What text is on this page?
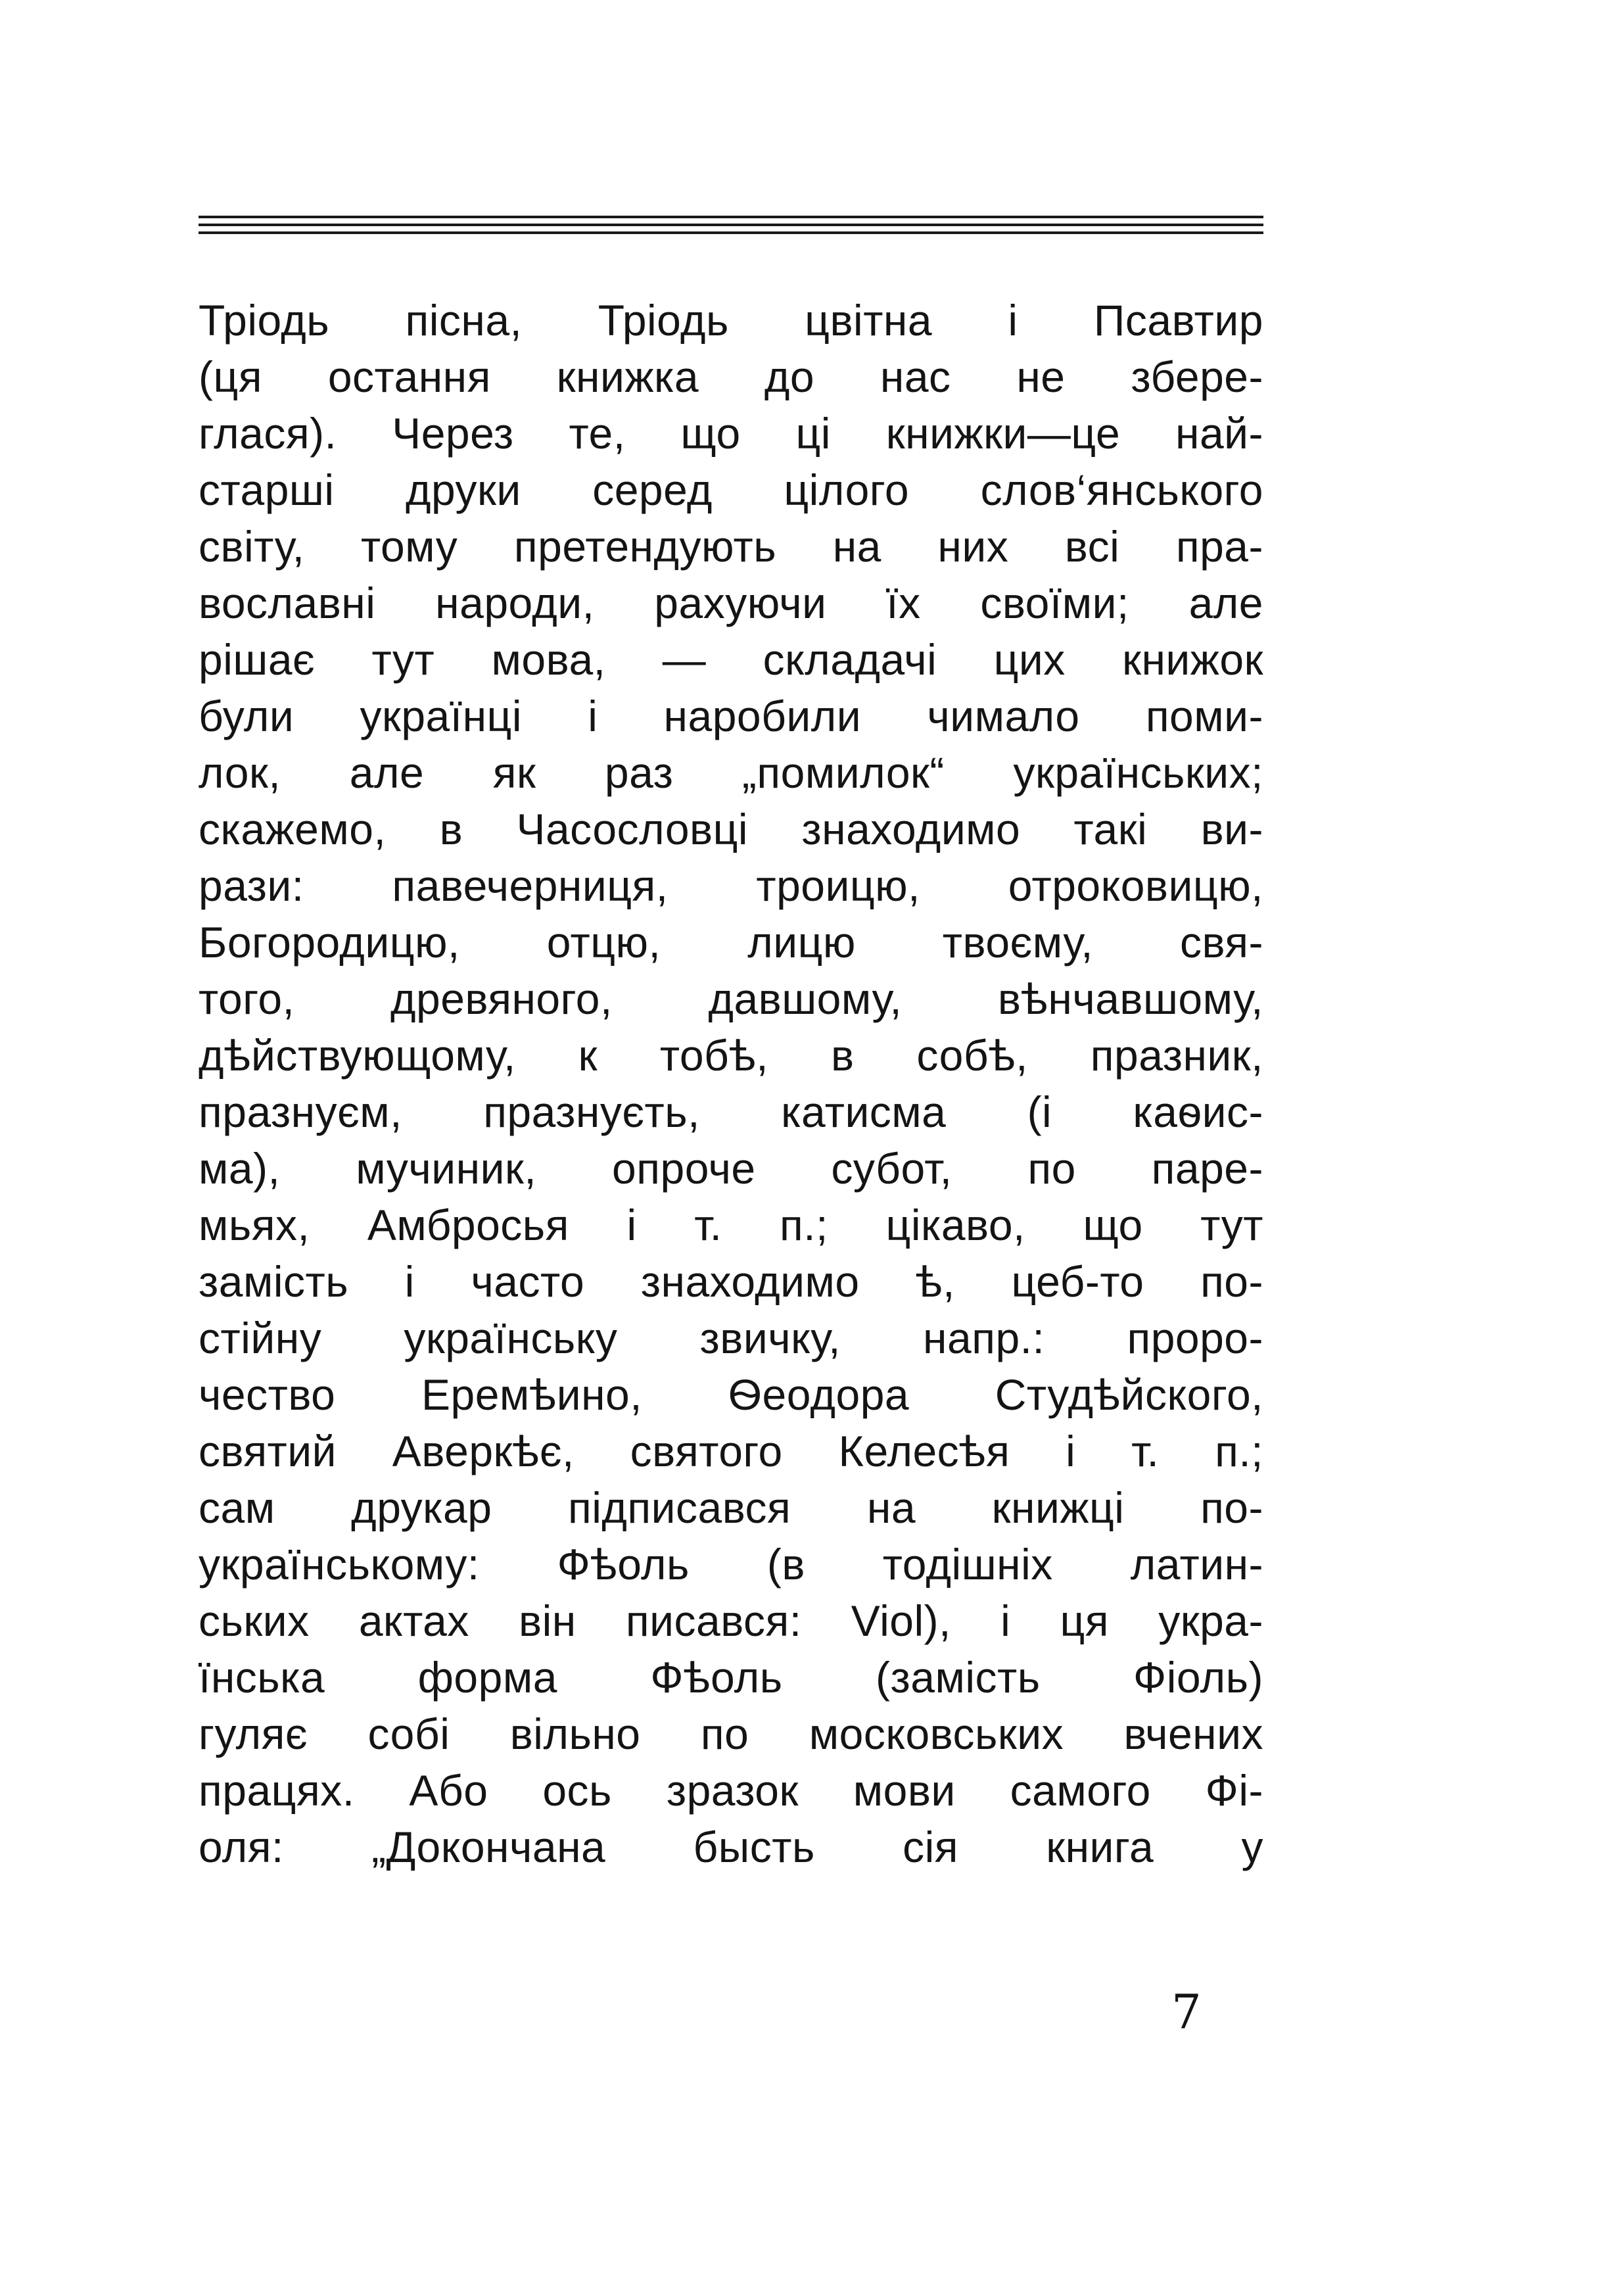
Тріодь пісна, Тріодь цвітна і Псавтир
(ця остання книжка до нас не збере-
глася). Через те, що ці книжки—це най-
старші друки серед цілого слов‘янського
світу, тому претендують на них всі пра-
вославні народи, рахуючи їх своїми; але
рішає тут мова, — складачі цих книжок
були українці і наробили чимало поми-
лок, але як раз „помилок“ українських;
скажемо, в Часословці знаходимо такі ви-
рази: павечерниця, троицю, отроковицю,
Богородицю, отцю, лицю твоєму, свя-
того, древяного, давшому, вѣнчавшому,
дѣйствующому, к тобѣ, в собѣ, празник,
празнуєм, празнуєть, катисма (і каѳис-
ма), мучиник, опроче субот, по паре-
мьях, Амбросья і т. п.; цікаво, що тут
замість і часто знаходимо ѣ, цеб-то по-
стійну українську звичку, напр.: проро-
чество Еремѣино, Ѳеодора Студѣйского,
святий Аверкѣє, святого Келесѣя і т. п.;
сам друкар підписався на книжці по-
українському: Фѣоль (в тодішніх латин-
ських актах він писався: Viol), і ця укра-
їнська форма Фѣоль (замість Фіоль)
гуляє собі вільно по московських вчених
працях. Або ось зразок мови самого Фі-
оля: „Докончана бысть сія книга у
7
